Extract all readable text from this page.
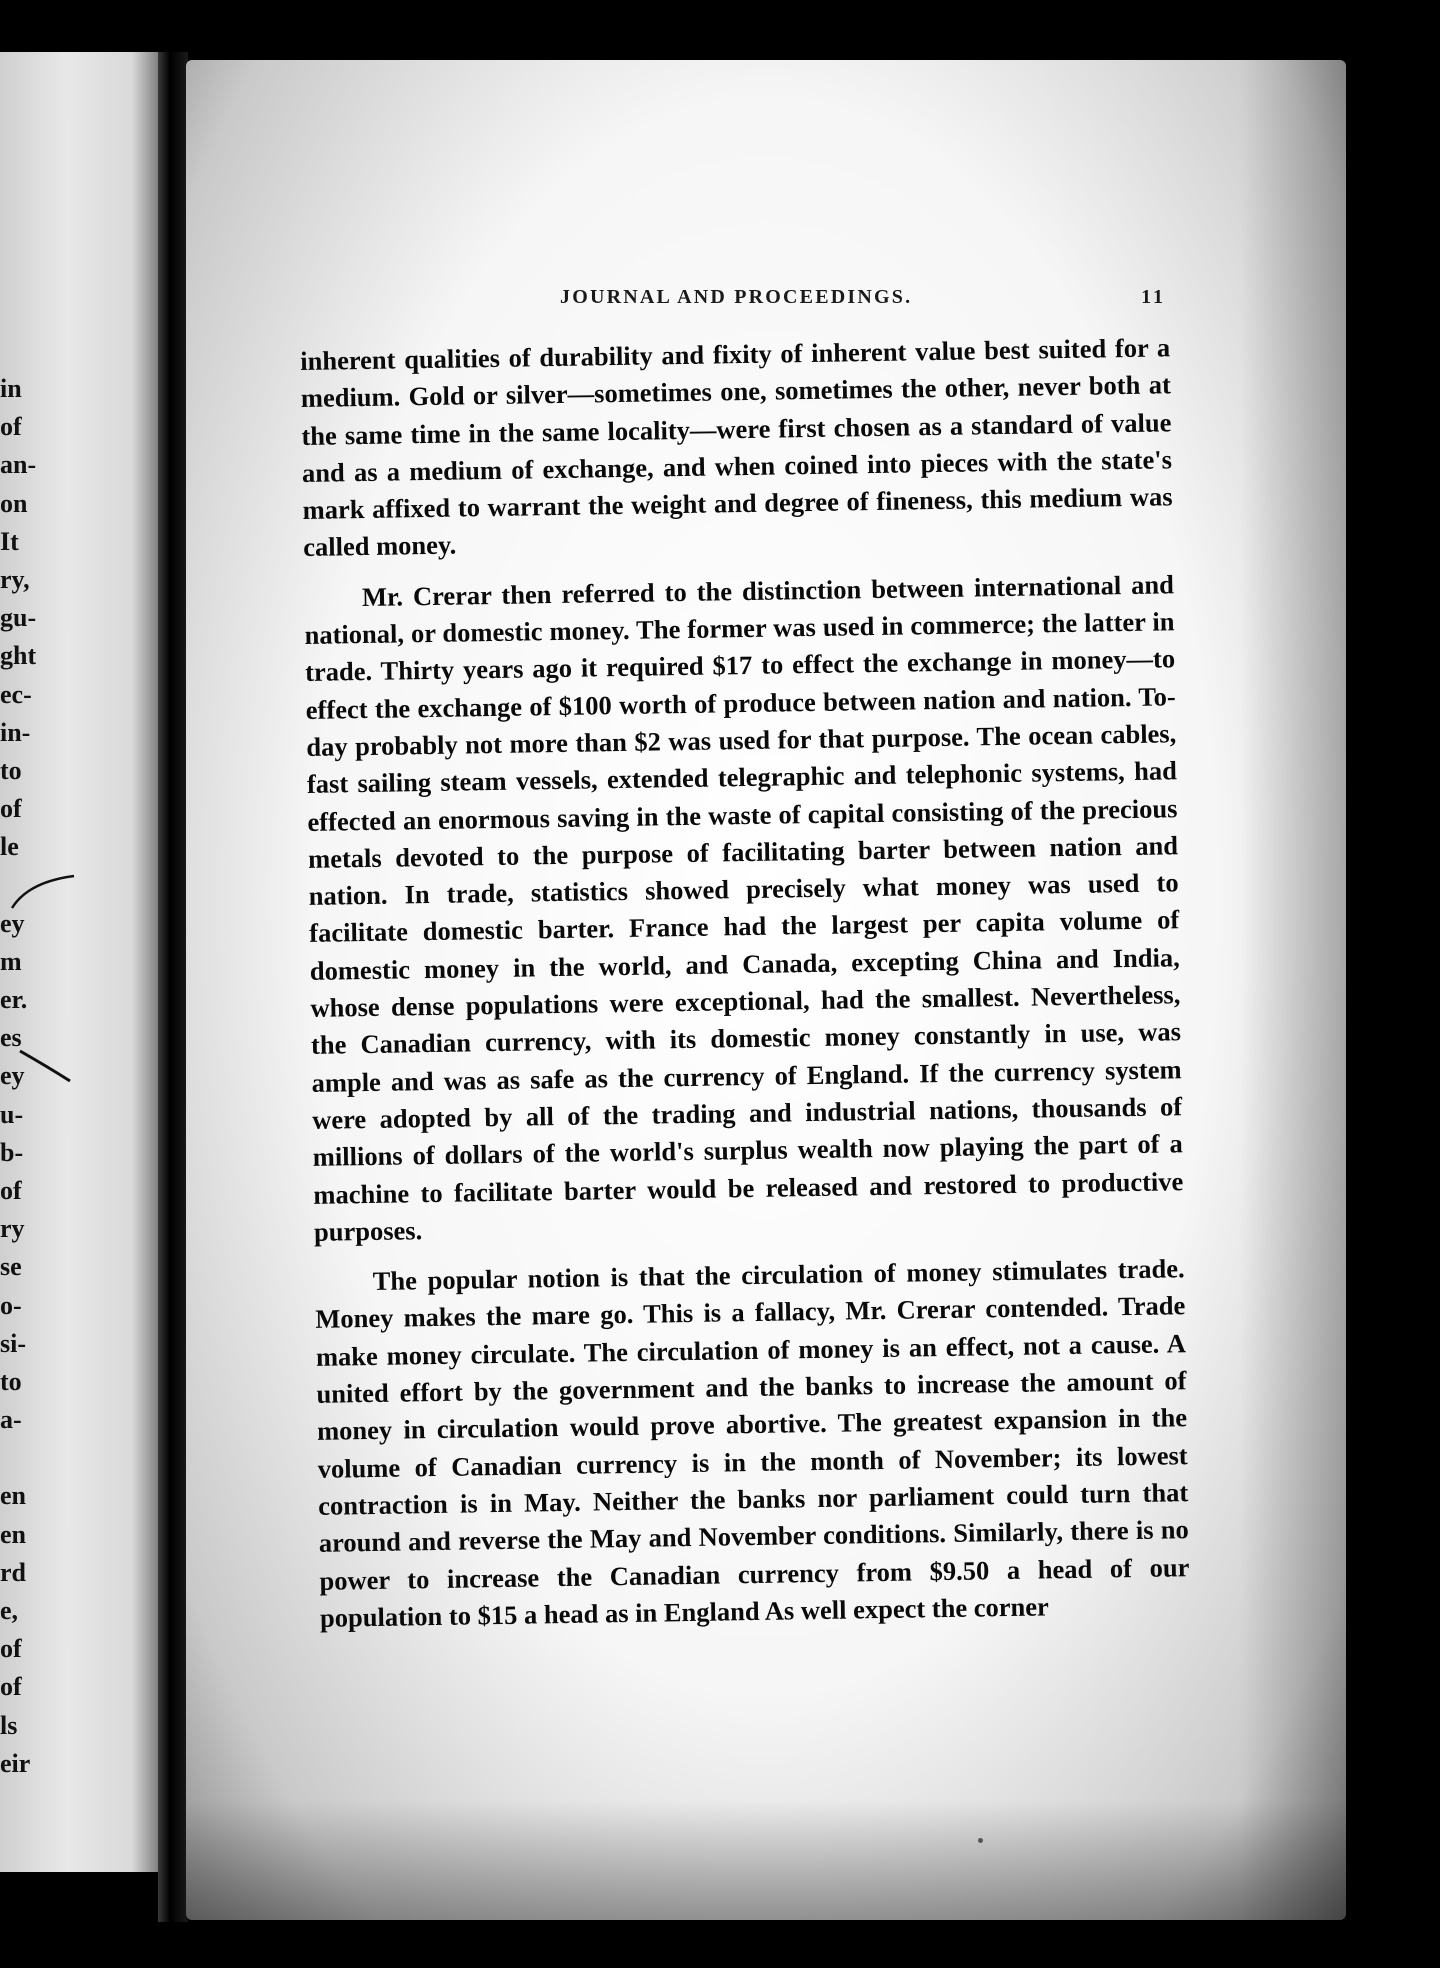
in
of
an-
on
It
ry,
gu-
ght
ec-
in-
to
of
le
ey
m
er.
es
ey
u-
b-
of
ry
se
o-
si-
to
a-
en
en
rd
e,
of
of
ls
eir
JOURNAL AND PROCEEDINGS.	11

inherent qualities of durability and fixity of inherent value best suited for a medium. Gold or silver—sometimes one, sometimes the other, never both at the same time in the same locality—were first chosen as a standard of value and as a medium of exchange, and when coined into pieces with the state's mark affixed to warrant the weight and degree of fineness, this medium was called money.

Mr. Crerar then referred to the distinction between international and national, or domestic money. The former was used in commerce; the latter in trade. Thirty years ago it required $17 to effect the exchange in money—to effect the exchange of $100 worth of produce between nation and nation. To-day probably not more than $2 was used for that purpose. The ocean cables, fast sailing steam vessels, extended telegraphic and telephonic systems, had effected an enormous saving in the waste of capital consisting of the precious metals devoted to the purpose of facilitating barter between nation and nation. In trade, statistics showed precisely what money was used to facilitate domestic barter. France had the largest per capita volume of domestic money in the world, and Canada, excepting China and India, whose dense populations were exceptional, had the smallest. Nevertheless, the Canadian currency, with its domestic money constantly in use, was ample and was as safe as the currency of England. If the currency system were adopted by all of the trading and industrial nations, thousands of millions of dollars of the world's surplus wealth now playing the part of a machine to facilitate barter would be released and restored to productive purposes.

The popular notion is that the circulation of money stimulates trade. Money makes the mare go. This is a fallacy, Mr. Crerar contended. Trade make money circulate. The circulation of money is an effect, not a cause. A united effort by the government and the banks to increase the amount of money in circulation would prove abortive. The greatest expansion in the volume of Canadian currency is in the month of November; its lowest contraction is in May. Neither the banks nor parliament could turn that around and reverse the May and November conditions. Similarly, there is no power to increase the Canadian currency from $9.50 a head of our population to $15 a head as in England As well expect the corner
